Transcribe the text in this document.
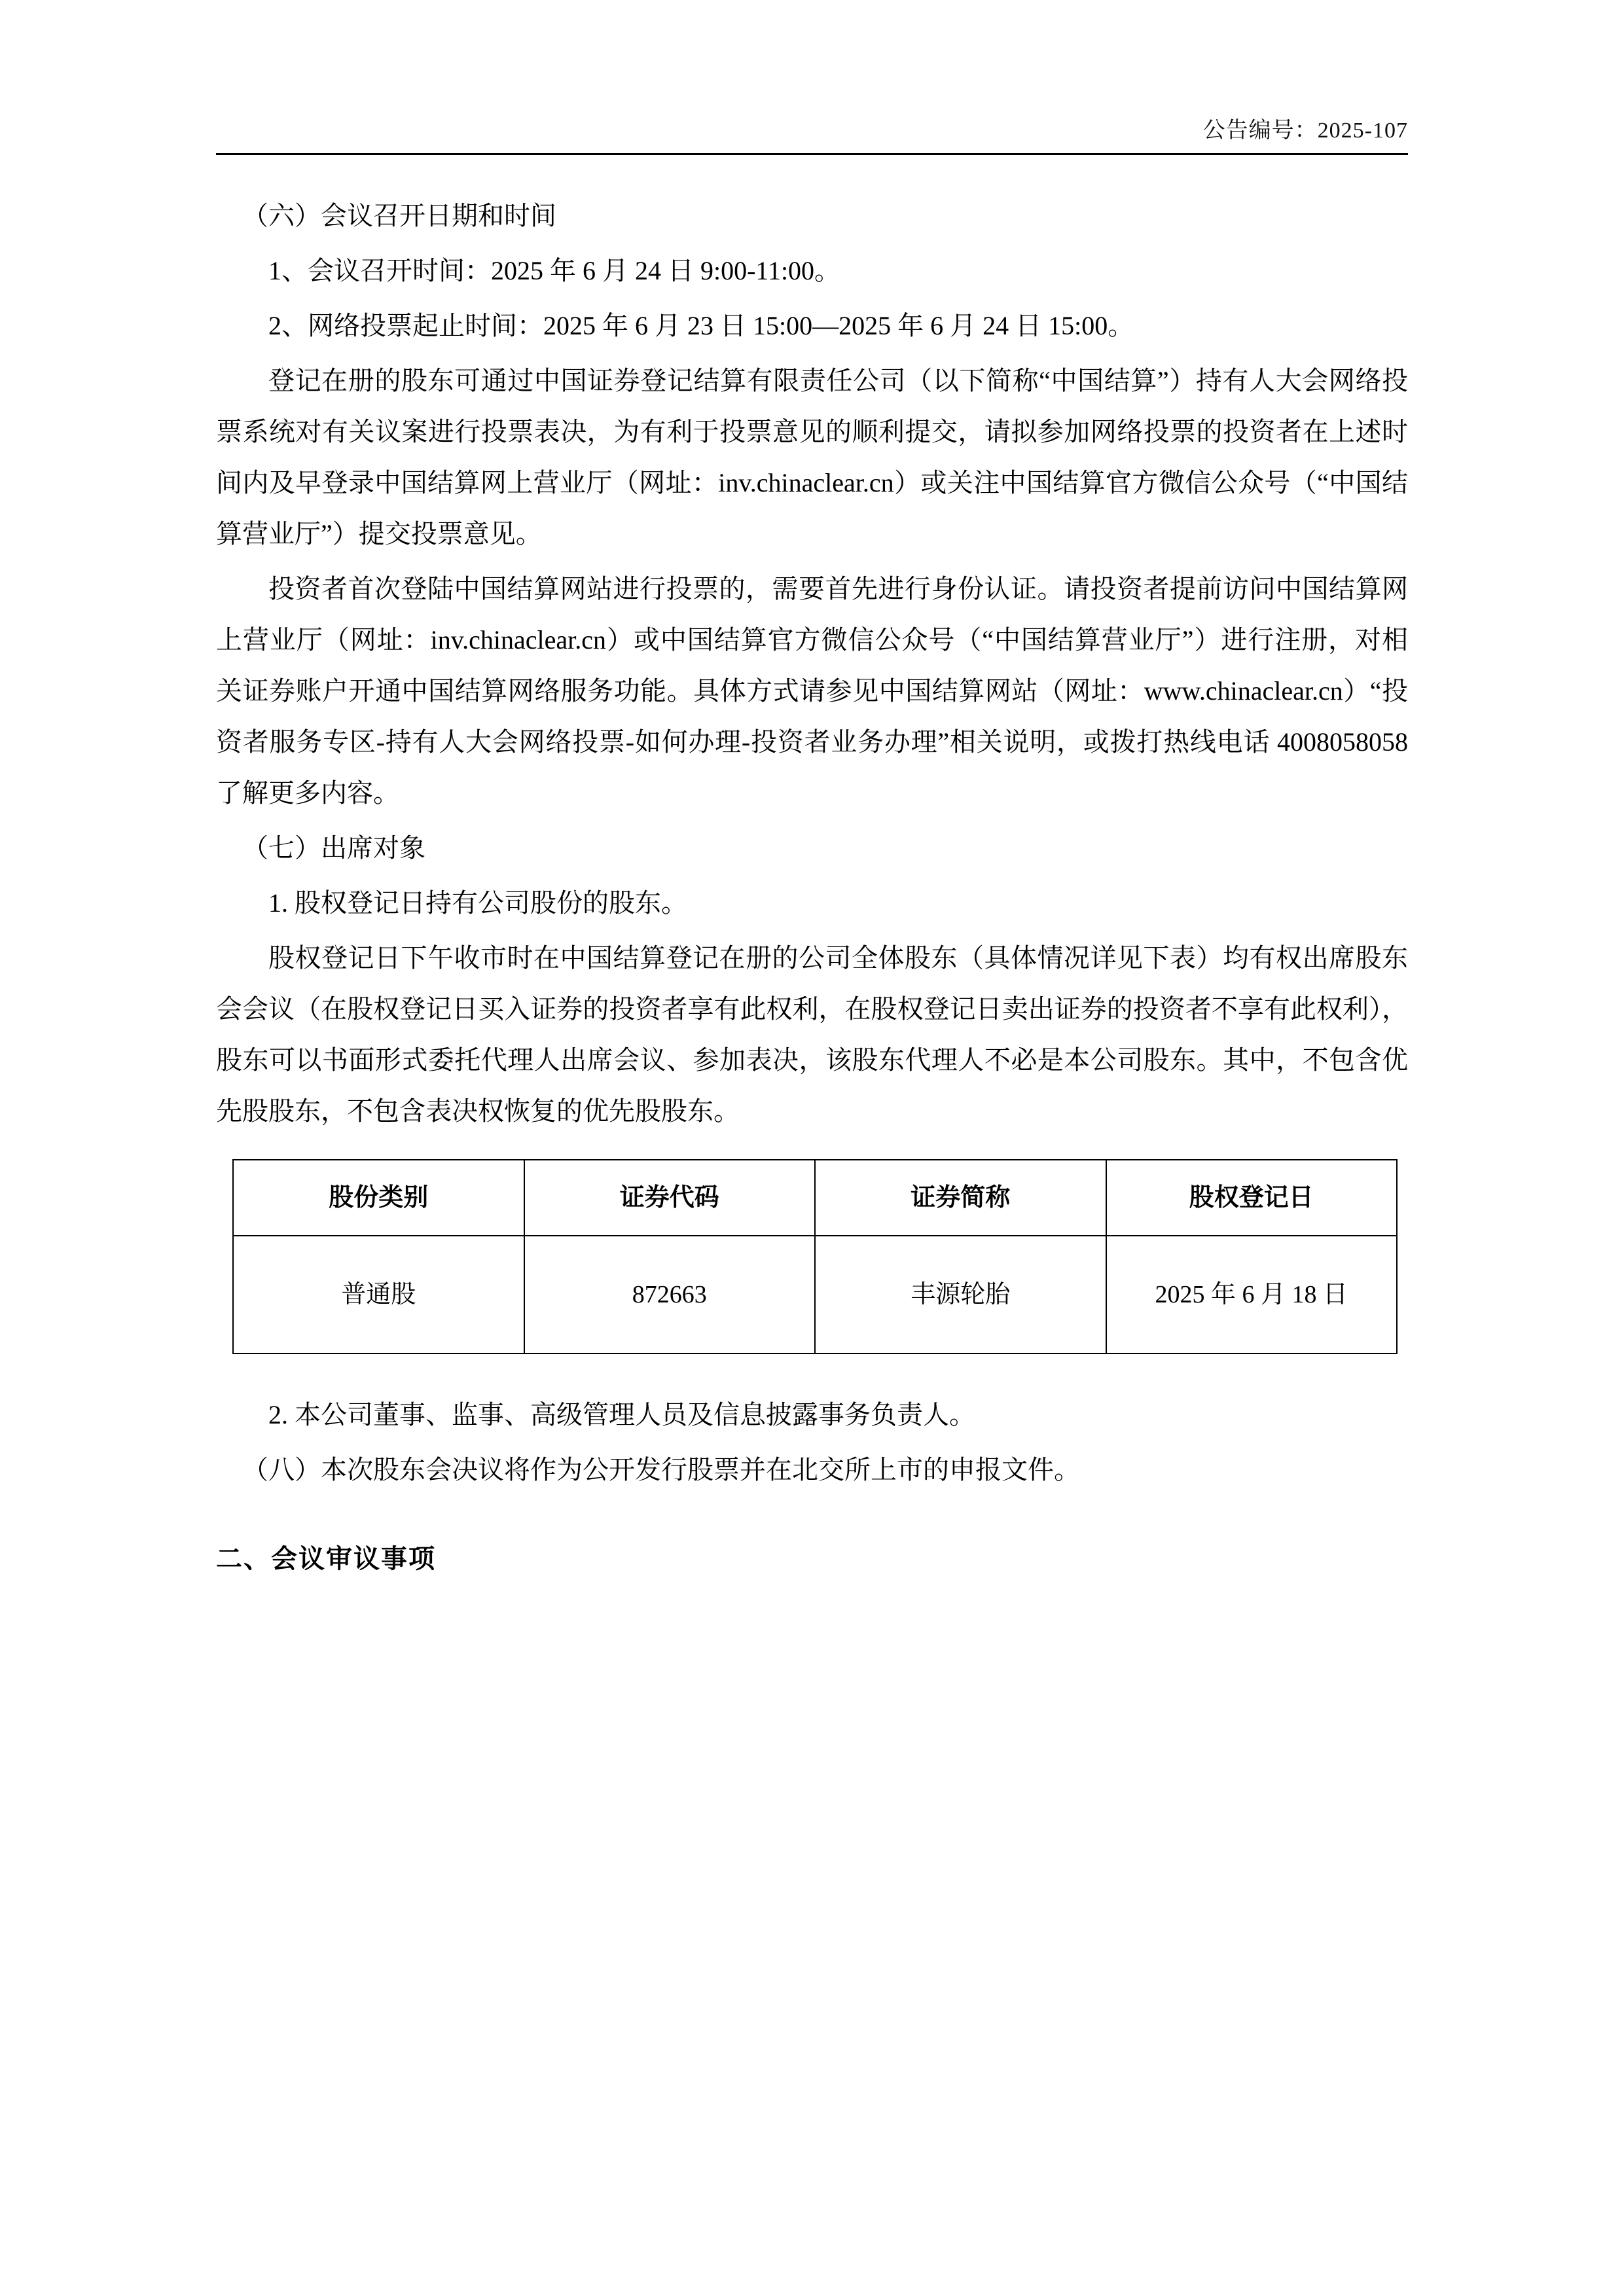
公告编号：2025-107

（六）会议召开日期和时间

1、会议召开时间：2025 年 6 月 24 日 9:00-11:00。

2、网络投票起止时间：2025 年 6 月 23 日 15:00—2025 年 6 月 24 日 15:00。

登记在册的股东可通过中国证券登记结算有限责任公司（以下简称“中国结算”）持有人大会网络投票系统对有关议案进行投票表决，为有利于投票意见的顺利提交，请拟参加网络投票的投资者在上述时间内及早登录中国结算网上营业厅（网址：inv.chinaclear.cn）或关注中国结算官方微信公众号（“中国结算营业厅”）提交投票意见。

投资者首次登陆中国结算网站进行投票的，需要首先进行身份认证。请投资者提前访问中国结算网上营业厅（网址：inv.chinaclear.cn）或中国结算官方微信公众号（“中国结算营业厅”）进行注册，对相关证券账户开通中国结算网络服务功能。具体方式请参见中国结算网站（网址：www.chinaclear.cn）“投资者服务专区-持有人大会网络投票-如何办理-投资者业务办理”相关说明，或拨打热线电话 4008058058 了解更多内容。

（七）出席对象

1. 股权登记日持有公司股份的股东。

股权登记日下午收市时在中国结算登记在册的公司全体股东（具体情况详见下表）均有权出席股东会会议（在股权登记日买入证券的投资者享有此权利，在股权登记日卖出证券的投资者不享有此权利），股东可以书面形式委托代理人出席会议、参加表决，该股东代理人不必是本公司股东。其中，不包含优先股股东，不包含表决权恢复的优先股股东。

股份类别	证券代码	证券简称	股权登记日
普通股	872663	丰源轮胎	2025 年 6 月 18 日

2. 本公司董事、监事、高级管理人员及信息披露事务负责人。

（八）本次股东会决议将作为公开发行股票并在北交所上市的申报文件。

二、会议审议事项
